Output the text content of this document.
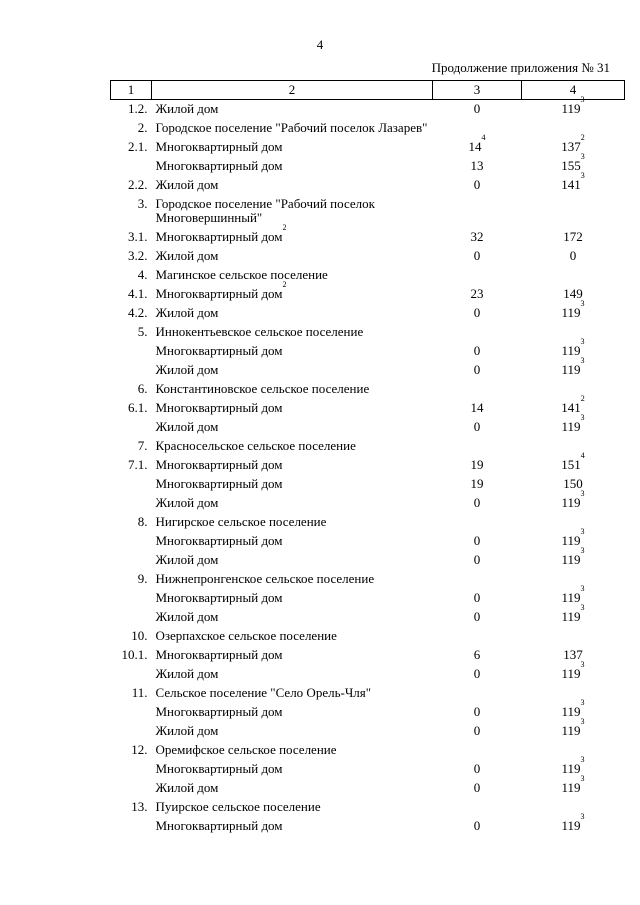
4
Продолжение приложения № 31
1	2	3	4
1.2.	Жилой дом	0	$119^3$
2.	Городское поселение "Рабочий поселок Лазарев"		
2.1.	Многоквартирный дом	$14^4$	$137^2$
	Многоквартирный дом	13	$155^3$
2.2.	Жилой дом	0	$141^3$
3.	Городское поселение "Рабочий поселок Многовершинный"		
3.1.	Многоквартирный дом$^2$	32	172
3.2.	Жилой дом	0	0
4.	Магинское сельское поселение		
4.1.	Многоквартирный дом$^2$	23	149
4.2.	Жилой дом	0	$119^3$
5.	Иннокентьевское сельское поселение		
	Многоквартирный дом	0	$119^3$
	Жилой дом	0	$119^3$
6.	Константиновское сельское поселение		
6.1.	Многоквартирный дом	14	$141^2$
	Жилой дом	0	$119^3$
7.	Красносельское сельское поселение		
7.1.	Многоквартирный дом	19	$151^4$
	Многоквартирный дом	19	150
	Жилой дом	0	$119^3$
8.	Нигирское сельское поселение		
	Многоквартирный дом	0	$119^3$
	Жилой дом	0	$119^3$
9.	Нижнепронгенское сельское поселение		
	Многоквартирный дом	0	$119^3$
	Жилой дом	0	$119^3$
10.	Озерпахское сельское поселение		
10.1.	Многоквартирный дом	6	137
	Жилой дом	0	$119^3$
11.	Сельское поселение "Село Орель-Чля"		
	Многоквартирный дом	0	$119^3$
	Жилой дом	0	$119^3$
12.	Оремифское сельское поселение		
	Многоквартирный дом	0	$119^3$
	Жилой дом	0	$119^3$
13.	Пуирское сельское поселение		
	Многоквартирный дом	0	$119^3$
